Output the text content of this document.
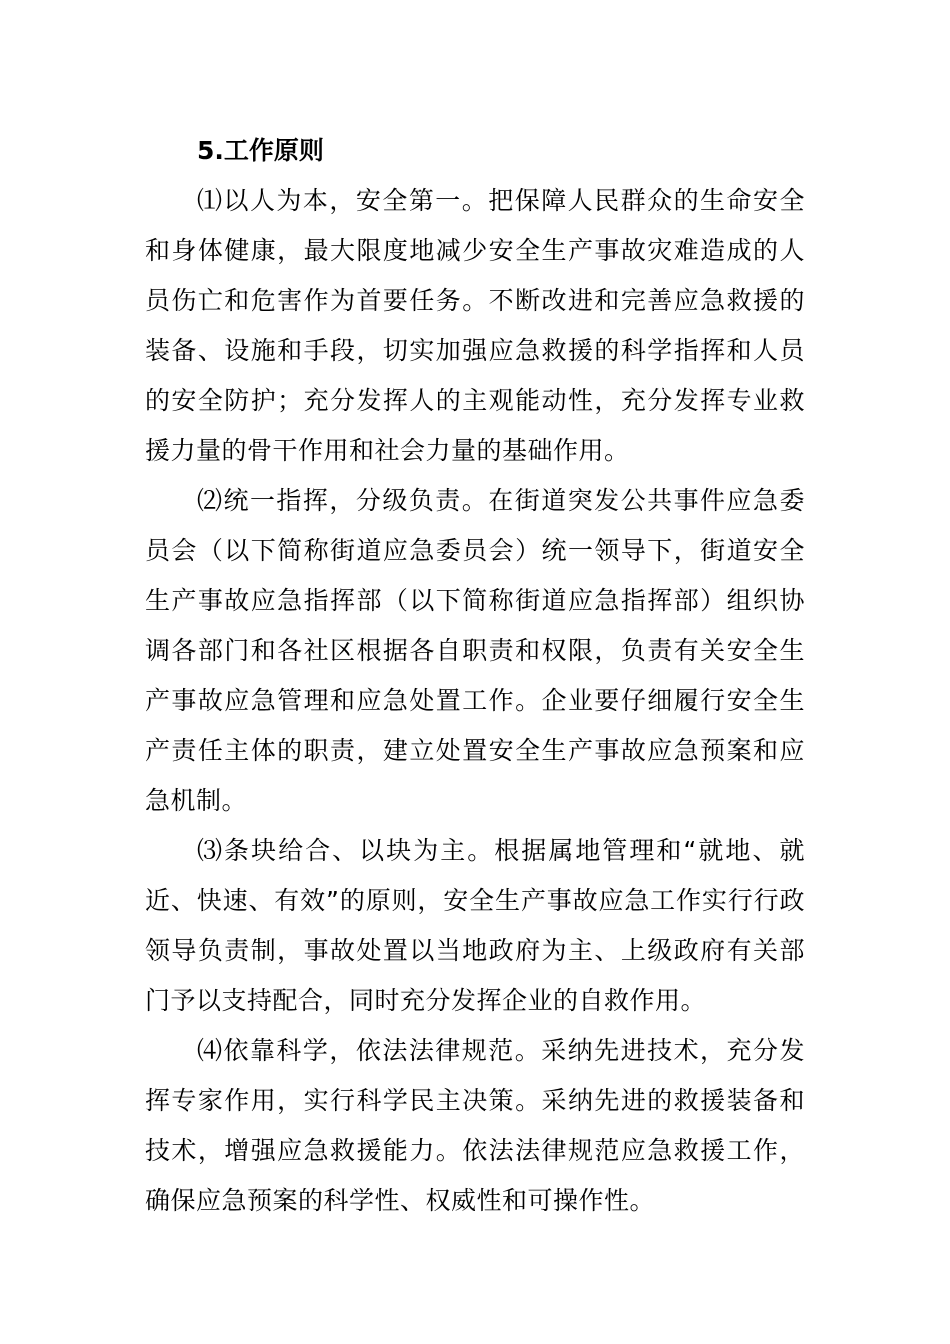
5.工作原则

⑴以人为本，安全第一。把保障人民群众的生命安全和身体健康，最大限度地减少安全生产事故灾难造成的人员伤亡和危害作为首要任务。不断改进和完善应急救援的装备、设施和手段，切实加强应急救援的科学指挥和人员的安全防护；充分发挥人的主观能动性，充分发挥专业救援力量的骨干作用和社会力量的基础作用。

⑵统一指挥，分级负责。在街道突发公共事件应急委员会（以下简称街道应急委员会）统一领导下，街道安全生产事故应急指挥部（以下简称街道应急指挥部）组织协调各部门和各社区根据各自职责和权限，负责有关安全生产事故应急管理和应急处置工作。企业要仔细履行安全生产责任主体的职责，建立处置安全生产事故应急预案和应急机制。

⑶条块给合、以块为主。根据属地管理和“就地、就近、快速、有效”的原则，安全生产事故应急工作实行行政领导负责制，事故处置以当地政府为主、上级政府有关部门予以支持配合，同时充分发挥企业的自救作用。

⑷依靠科学，依法法律规范。采纳先进技术，充分发挥专家作用，实行科学民主决策。采纳先进的救援装备和技术，增强应急救援能力。依法法律规范应急救援工作，确保应急预案的科学性、权威性和可操作性。
